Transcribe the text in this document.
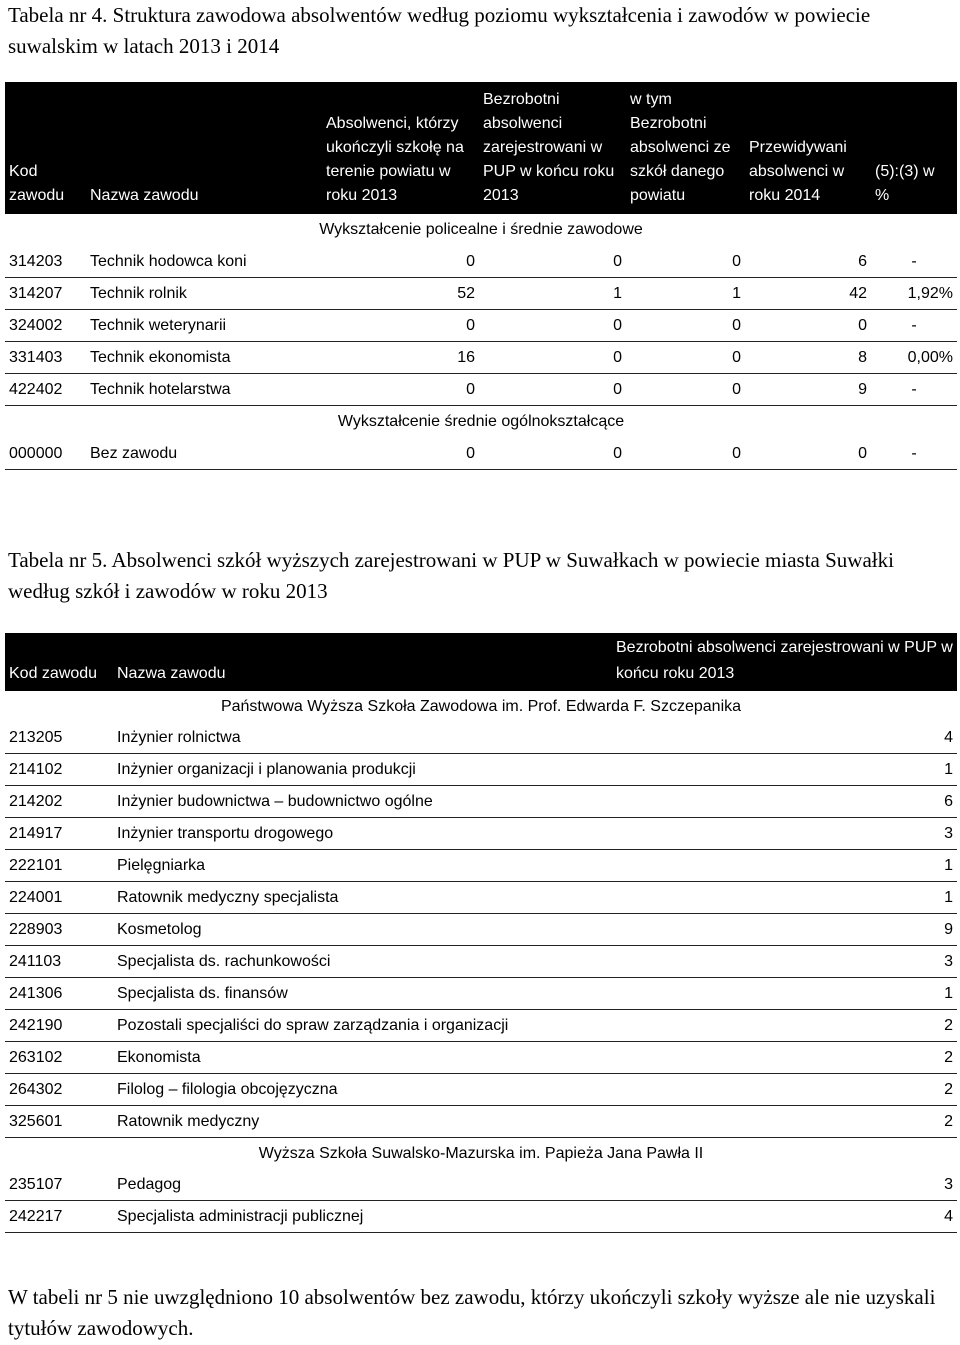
Tabela nr 4. Struktura zawodowa absolwentów według poziomu wykształcenia i zawodów w powiecie suwalskim w latach 2013 i 2014

Kod zawodu	Nazwa zawodu	Absolwenci, którzy ukończyli szkołę na terenie powiatu w roku 2013	Bezrobotni absolwenci zarejestrowani w PUP w końcu roku 2013	w tym Bezrobotni absolwenci ze szkół danego powiatu	Przewidywani absolwenci w roku 2014	(5):(3) w %
Wykształcenie policealne i średnie zawodowe						
314203	Technik hodowca koni	0	0	0	6	-
314207	Technik rolnik	52	1	1	42	1,92%
324002	Technik weterynarii	0	0	0	0	-
331403	Technik ekonomista	16	0	0	8	0,00%
422402	Technik hotelarstwa	0	0	0	9	-
Wykształcenie średnie ogólnokształcące						
000000	Bez zawodu	0	0	0	0	-

Tabela nr 5. Absolwenci szkół wyższych zarejestrowani w PUP w Suwałkach w powiecie miasta Suwałki według szkół i zawodów w roku 2013

Kod zawodu	Nazwa zawodu	Bezrobotni absolwenci zarejestrowani w PUP w końcu roku 2013
Państwowa Wyższa Szkoła Zawodowa im. Prof. Edwarda F. Szczepanika		
213205	Inżynier rolnictwa	4
214102	Inżynier organizacji i planowania produkcji	1
214202	Inżynier budownictwa – budownictwo ogólne	6
214917	Inżynier transportu drogowego	3
222101	Pielęgniarka	1
224001	Ratownik medyczny specjalista	1
228903	Kosmetolog	9
241103	Specjalista ds. rachunkowości	3
241306	Specjalista ds. finansów	1
242190	Pozostali specjaliści do spraw zarządzania i organizacji	2
263102	Ekonomista	2
264302	Filolog – filologia obcojęzyczna	2
325601	Ratownik medyczny	2
Wyższa Szkoła Suwalsko-Mazurska im. Papieża Jana Pawła II		
235107	Pedagog	3
242217	Specjalista administracji publicznej	4

W tabeli nr 5 nie uwzględniono 10 absolwentów bez zawodu, którzy ukończyli szkoły wyższe ale nie uzyskali tytułów zawodowych.
